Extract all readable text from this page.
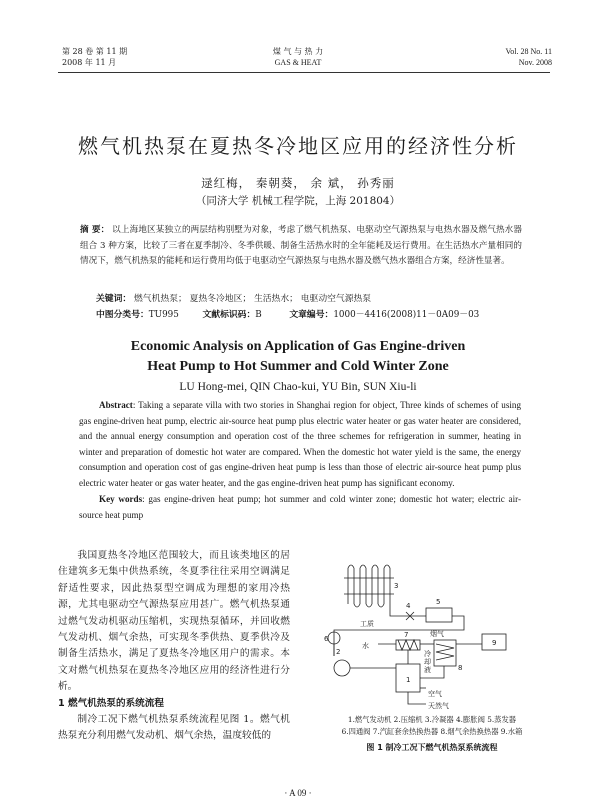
第 28 卷 第 11 期
2008 年 11 月
煤 气 与 热 力
GAS & HEAT
Vol. 28 No. 11
Nov. 2008
燃气机热泵在夏热冬冷地区应用的经济性分析
逯红梅， 秦朝葵， 余 斌， 孙秀丽
（同济大学 机械工程学院，上海 201804）
摘 要： 以上海地区某独立的两层结构别墅为对象，考虑了燃气机热泵、电驱动空气源热泵与电热水器及燃气热水器组合 3 种方案，比较了三者在夏季制冷、冬季供暖、制备生活热水时的全年能耗及运行费用。在生活热水产量相同的情况下，燃气机热泵的能耗和运行费用均低于电驱动空气源热泵与电热水器及燃气热水器组合方案，经济性显著。
关键词： 燃气机热泵； 夏热冬冷地区； 生活热水； 电驱动空气源热泵
中图分类号：TU995	文献标识码：B	文章编号：1000－4416(2008)11－0A09－03
Economic Analysis on Application of Gas Engine-driven
Heat Pump to Hot Summer and Cold Winter Zone
LU Hong-mei, QIN Chao-kui, YU Bin, SUN Xiu-li
Abstract: Taking a separate villa with two stories in Shanghai region for object, Three kinds of schemes of using gas engine-driven heat pump, electric air-source heat pump plus electric water heater or gas water heater are considered, and the annual energy consumption and operation cost of the three schemes for refrigeration in summer, heating in winter and preparation of domestic hot water are compared. When the domestic hot water yield is the same, the energy consumption and operation cost of gas engine-driven heat pump is less than those of electric air-source heat pump plus electric water heater or gas water heater, and the gas engine-driven heat pump has significant economy.
Key words: gas engine-driven heat pump; hot summer and cold winter zone; domestic hot water; electric air-source heat pump
我国夏热冬冷地区范围较大，而且该类地区的居住建筑多无集中供热系统，冬夏季往往采用空调满足舒适性要求，因此热泵型空调成为理想的家用冷热源，尤其电驱动空气源热泵应用甚广。燃气机热泵通过燃气发动机驱动压缩机，实现热泵循环，并回收燃气发动机、烟气余热，可实现冬季供热、夏季供冷及制备生活热水，满足了夏热冬冷地区用户的需求。本文对燃气机热泵在夏热冬冷地区应用的经济性进行分析。
1 燃气机热泵的系统流程
制冷工况下燃气机热泵系统流程见图 1。燃气机热泵充分利用燃气发动机、烟气余热，温度较低的
3
4	5
6
2
1
7
8
9
工质
水
烟气
冷
却
液
空气
天然气
1.燃气发动机 2.压缩机 3.冷凝器 4.膨胀阀 5.蒸发器
6.四通阀 7.汽缸套余热换热器 8.烟气余热换热器 9.水箱
图 1 制冷工况下燃气机热泵系统流程
· A 09 ·
